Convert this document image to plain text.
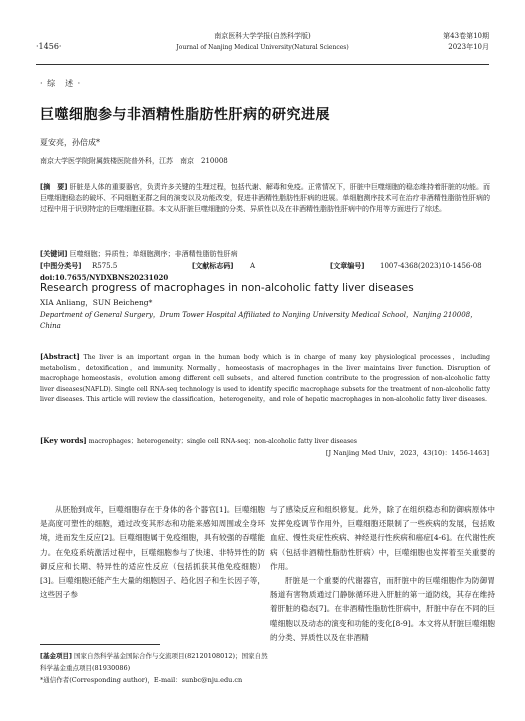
·1456·
南京医科大学学报(自然科学版)
Journal of Nanjing Medical University(Natural Sciences)
第43卷第10期
2023年10月
· 综　述 ·
巨噬细胞参与非酒精性脂肪性肝病的研究进展
夏安亮，孙倍成*
南京大学医学院附属鼓楼医院普外科，江苏　南京　210008
[摘　要] 肝脏是人体的重要器官，负责许多关键的生理过程，包括代谢、解毒和免疫。正常情况下，肝脏中巨噬细胞的稳态维持着肝脏的功能。而巨噬细胞稳态的破坏、不同细胞亚群之间的演变以及功能改变，促进非酒精性脂肪性肝病的进展。单细胞测序技术可在治疗非酒精性脂肪性肝病的过程中用于识别特定的巨噬细胞亚群。本文从肝脏巨噬细胞的分类、异质性以及在非酒精性脂肪性肝病中的作用等方面进行了综述。
[关键词] 巨噬细胞；异质性；单细胞测序；非酒精性脂肪性肝病
[中图分类号] R575.5	[文献标志码] A	[文章编号] 1007-4368(2023)10-1456-08
doi:10.7655/NYDXBNS20231020
Research progress of macrophages in non-alcoholic fatty liver diseases
XIA Anliang，SUN Beicheng*
Department of General Surgery，Drum Tower Hospital Affiliated to Nanjing University Medical School，Nanjing 210008，China
[Abstract] The liver is an important organ in the human body which is in charge of many key physiological processes，including metabolism，detoxification，and immunity. Normally，homeostasis of macrophages in the liver maintains liver function. Disruption of macrophage homeostasis，evolution among different cell subsets，and altered function contribute to the progression of non-alcoholic fatty liver diseases(NAFLD). Single cell RNA-seq technology is used to identify specific macrophage subsets for the treatment of non-alcoholic fatty liver diseases. This article will review the classification，heterogeneity，and role of hepatic macrophages in non-alcoholic fatty liver diseases.
[Key words] macrophages；heterogeneity；single cell RNA-seq；non-alcoholic fatty liver diseases
[J Nanjing Med Univ，2023，43(10)：1456-1463]

从胚胎到成年，巨噬细胞存在于身体的各个器官[1]。巨噬细胞是高度可塑性的细胞，通过改变其形态和功能来感知周围或全身环境，进而发生反应[2]。巨噬细胞属于免疫细胞，具有较强的吞噬能力。在免疫系统激活过程中，巨噬细胞参与了快速、非特异性的防御反应和长期、特异性的适应性反应（包括抓获其他免疫细胞）[3]。巨噬细胞还能产生大量的细胞因子、趋化因子和生长因子等，这些因子参

与了感染反应和组织修复。此外，除了在组织稳态和防御病原体中发挥免疫调节作用外，巨噬细胞还限制了一些疾病的发展，包括败血症、慢性炎症性疾病、神经退行性疾病和癌症[4-6]。在代谢性疾病（包括非酒精性脂肪性肝病）中，巨噬细胞也发挥着至关重要的作用。

肝脏是一个重要的代谢器官，而肝脏中的巨噬细胞作为防御胃肠道有害物质通过门静脉循环进入肝脏的第一道防线，其存在维持着肝脏的稳态[7]。在非酒精性脂肪性肝病中，肝脏中存在不同的巨噬细胞以及动态的演变和功能的变化[8-9]。本文将从肝脏巨噬细胞的分类、异质性以及在非酒精

[基金项目] 国家自然科学基金国际合作与交流项目(82120108012)；国家自然科学基金重点项目(81930086)
*通信作者(Corresponding author)，E-mail：sunbc@nju.edu.cn
